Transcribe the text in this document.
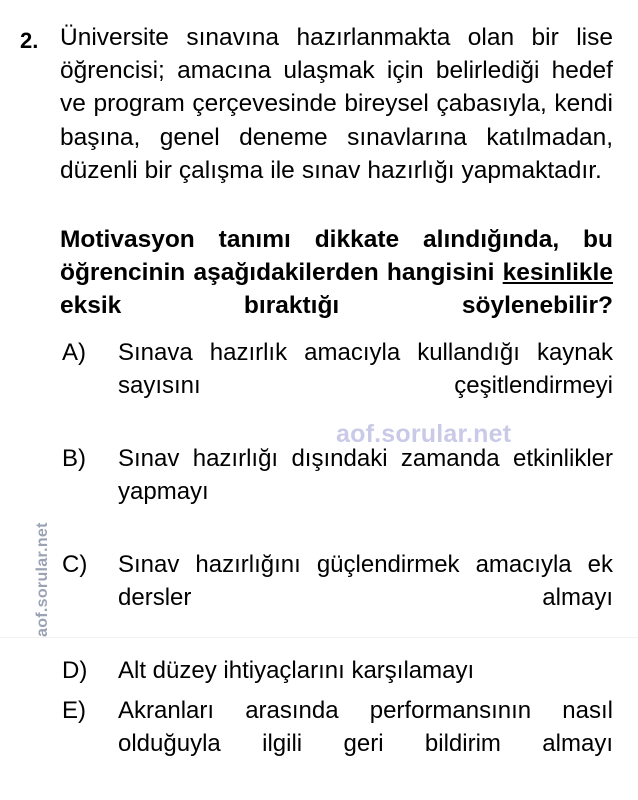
aof.sorular.net
aof.sorular.net
2. Üniversite sınavına hazırlanmakta olan bir lise öğrencisi; amacına ulaşmak için belirlediği hedef ve program çerçevesinde bireysel çabasıyla, kendi başına, genel deneme sınavlarına katılmadan, düzenli bir çalışma ile sınav hazırlığı yapmaktadır.

Motivasyon tanımı dikkate alındığında, bu öğrencinin aşağıdakilerden hangisini kesinlikle eksik bıraktığı söylenebilir?

A)	Sınava hazırlık amacıyla kullandığı kaynak sayısını çeşitlendirmeyi
B)	Sınav hazırlığı dışındaki zamanda etkinlikler yapmayı
C)	Sınav hazırlığını güçlendirmek amacıyla ek dersler almayı
D)	Alt düzey ihtiyaçlarını karşılamayı
E)	Akranları arasında performansının nasıl olduğuyla ilgili geri bildirim almayı
